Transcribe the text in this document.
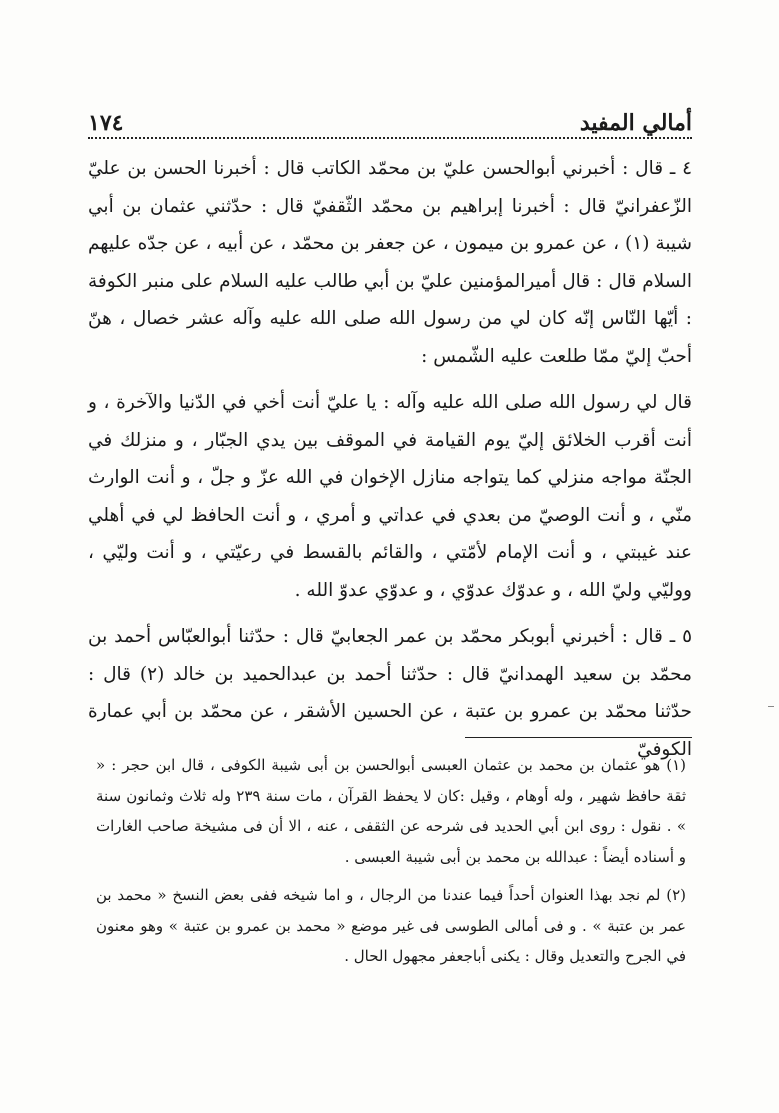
١٧٤	أمالي المفيد

٤ ـ قال : أخبرني أبوالحسن عليّ بن محمّد الكاتب قال : أخبرنا الحسن بن عليّ الزّعفرانيّ قال : أخبرنا إبراهيم بن محمّد الثّقفيّ قال : حدّثني عثمان بن أبي شيبة (١) ، عن عمرو بن ميمون ، عن جعفر بن محمّد ، عن أبيه ، عن جدّه عليهم السلام قال : قال أميرالمؤمنين عليّ بن أبي طالب عليه السلام على منبر الكوفة : أيّها النّاس إنّه كان لي من رسول الله صلى الله عليه وآله عشر خصال ، هنّ أحبّ إليّ ممّا طلعت عليه الشّمس :

قال لي رسول الله صلى الله عليه وآله : يا عليّ أنت أخي في الدّنيا والآخرة ، و أنت أقرب الخلائق إليّ يوم القيامة في الموقف بين يدي الجبّار ، و منزلك في الجنّة مواجه منزلي كما يتواجه منازل الإخوان في الله عزّ و جلّ ، و أنت الوارث منّي ، و أنت الوصيّ من بعدي في عداتي و أمري ، و أنت الحافظ لي في أهلي عند غيبتي ، و أنت الإمام لأمّتي ، والقائم بالقسط في رعيّتي ، و أنت وليّي ، ووليّي وليّ الله ، و عدوّك عدوّي ، و عدوّي عدوّ الله .

٥ ـ قال : أخبرني أبوبكر محمّد بن عمر الجعابيّ قال : حدّثنا أبوالعبّاس أحمد بن محمّد بن سعيد الهمدانيّ قال : حدّثنا أحمد بن عبدالحميد بن خالد (٢) قال : حدّثنا محمّد بن عمرو بن عتبة ، عن الحسين الأشقر ، عن محمّد بن أبي عمارة الكوفيّ

(١) هو عثمان بن محمد بن عثمان العبسى أبوالحسن بن أبى شيبة الكوفى ، قال ابن حجر : « ثقة حافظ شهير ، وله أوهام ، وقيل :كان لا يحفظ القرآن ، مات سنة ٢٣٩ وله ثلاث وثمانون سنة » . نقول : روى ابن أبي الحديد فى شرحه عن الثقفى ، عنه ، الا أن فى مشيخة صاحب الغارات و أسناده أيضاً : عبدالله بن محمد بن أبى شيبة العبسى .

(٢) لم نجد بهذا العنوان أحداً فيما عندنا من الرجال ، و اما شيخه ففى بعض النسخ « محمد بن عمر بن عتبة » . و فى أمالى الطوسى فى غير موضع « محمد بن عمرو بن عتبة » وهو معنون في الجرح والتعديل وقال : يكنى أباجعفر مجهول الحال .
